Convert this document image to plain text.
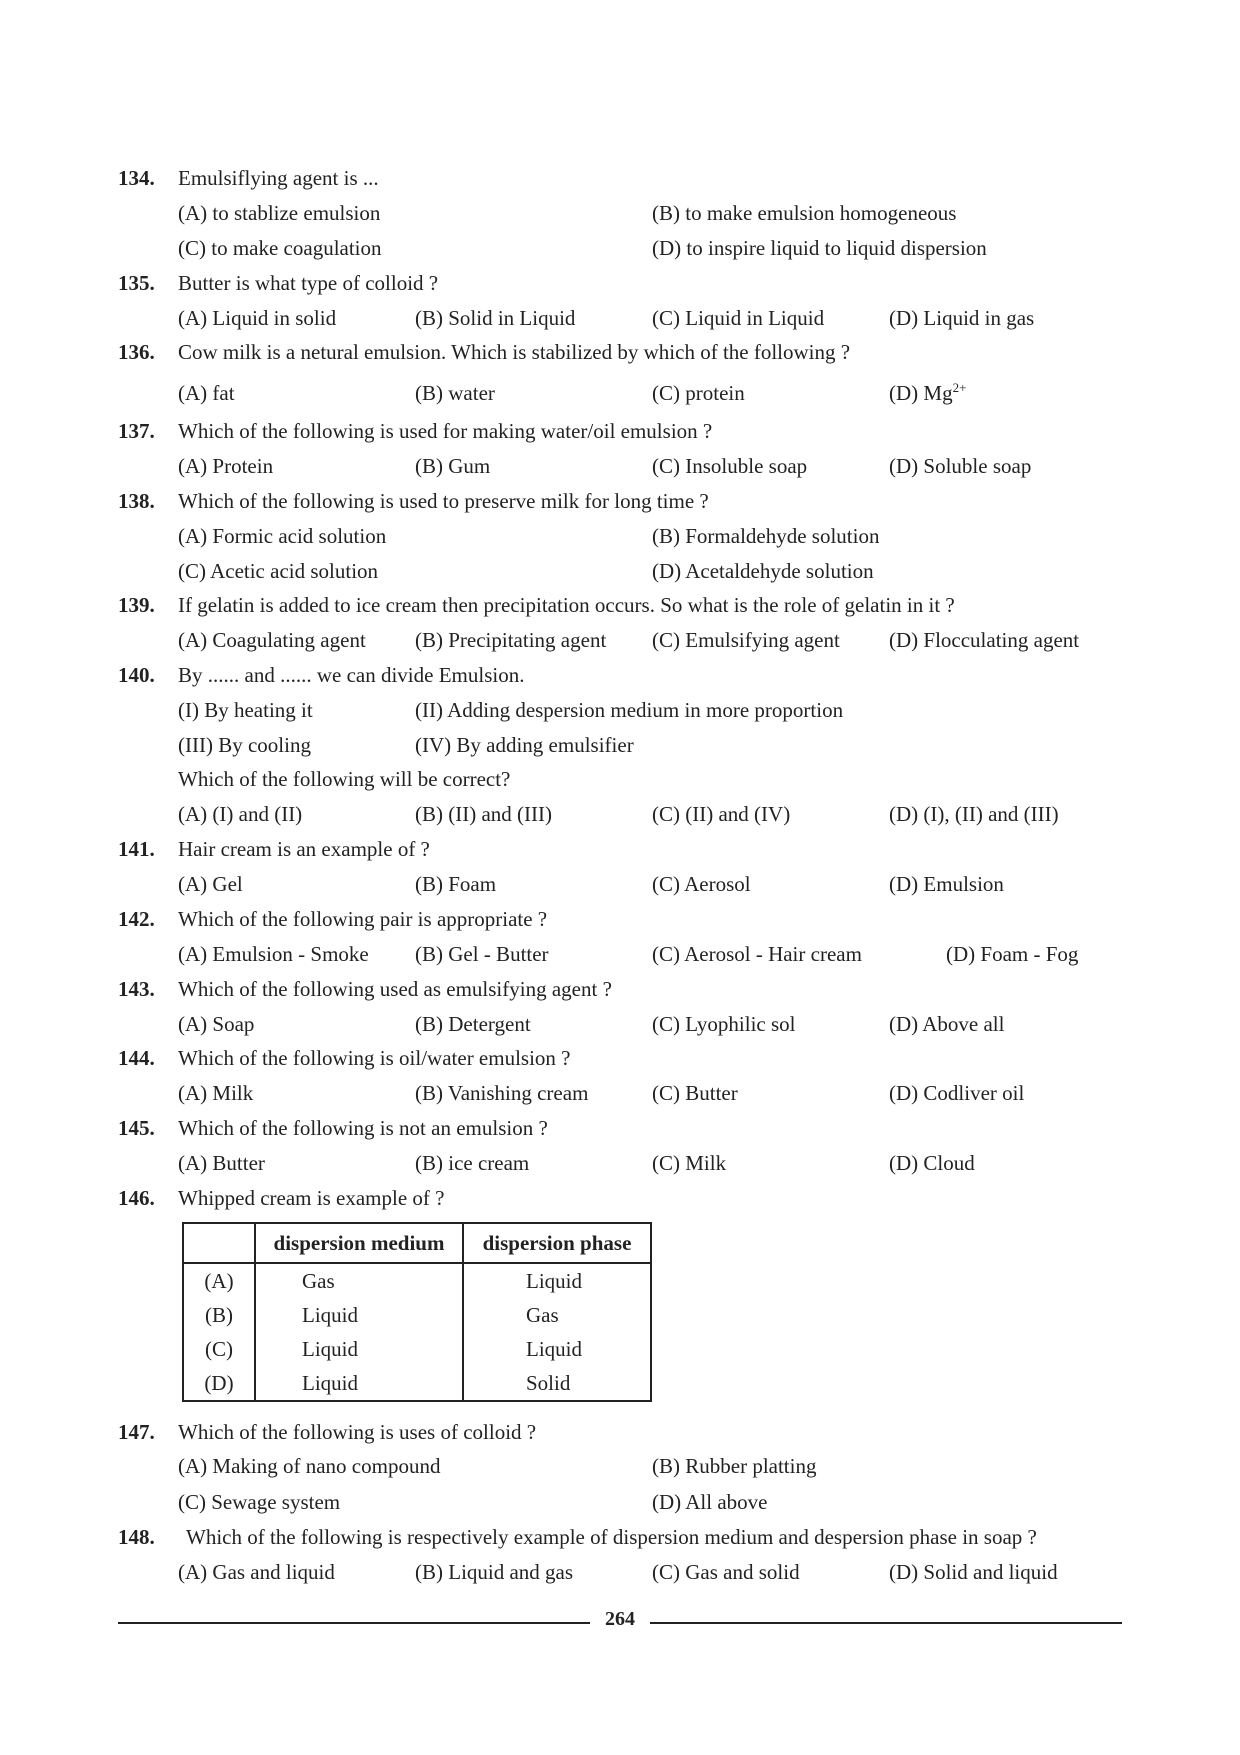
134. Emulsiflying agent is ...
(A) to stablize emulsion	(B) to make emulsion homogeneous
(C) to make coagulation	(D) to inspire liquid to liquid dispersion
135. Butter is what type of colloid ?
(A) Liquid in solid	(B) Solid in Liquid	(C) Liquid in Liquid	(D) Liquid in gas
136. Cow milk is a netural emulsion. Which is stabilized by which of the following ?
(A) fat	(B) water	(C) protein	(D) $Mg^{2+}$
137. Which of the following is used for making water/oil emulsion ?
(A) Protein	(B) Gum	(C) Insoluble soap	(D) Soluble soap
138. Which of the following is used to preserve milk for long time ?
(A) Formic acid solution	(B) Formaldehyde solution
(C) Acetic acid solution	(D) Acetaldehyde solution
139. If gelatin is added to ice cream then precipitation occurs. So what is the role of gelatin in it ?
(A) Coagulating agent (B) Precipitating agent (C) Emulsifying agent (D) Flocculating agent
140. By ...... and ...... we can divide Emulsion.
(I) By heating it	(II) Adding despersion medium in more proportion
(III) By cooling	(IV) By adding emulsifier
Which of the following will be correct?
(A) (I) and (II)	(B) (II) and (III)	(C) (II) and (IV)	(D) (I), (II) and (III)
141. Hair cream is an example of ?
(A) Gel	(B) Foam	(C) Aerosol	(D) Emulsion
142. Which of the following pair is appropriate ?
(A) Emulsion - Smoke (B) Gel - Butter	(C) Aerosol - Hair cream	(D) Foam - Fog
143. Which of the following used as emulsifying agent ?
(A) Soap	(B) Detergent	(C) Lyophilic sol	(D) Above all
144. Which of the following is oil/water emulsion ?
(A) Milk	(B) Vanishing cream	(C) Butter	(D) Codliver oil
145. Which of the following is not an emulsion ?
(A) Butter	(B) ice cream	(C) Milk	(D) Cloud
146. Whipped cream is example of ?
	dispersion medium	dispersion phase
(A)	Gas	Liquid
(B)	Liquid	Gas
(C)	Liquid	Liquid
(D)	Liquid	Solid
147. Which of the following is uses of colloid ?
(A) Making of nano compound	(B) Rubber platting
(C) Sewage system	(D) All above
148. Which of the following is respectively example of dispersion medium and despersion phase in soap ?
(A) Gas and liquid	(B) Liquid and gas	(C) Gas and solid	(D) Solid and liquid
264
